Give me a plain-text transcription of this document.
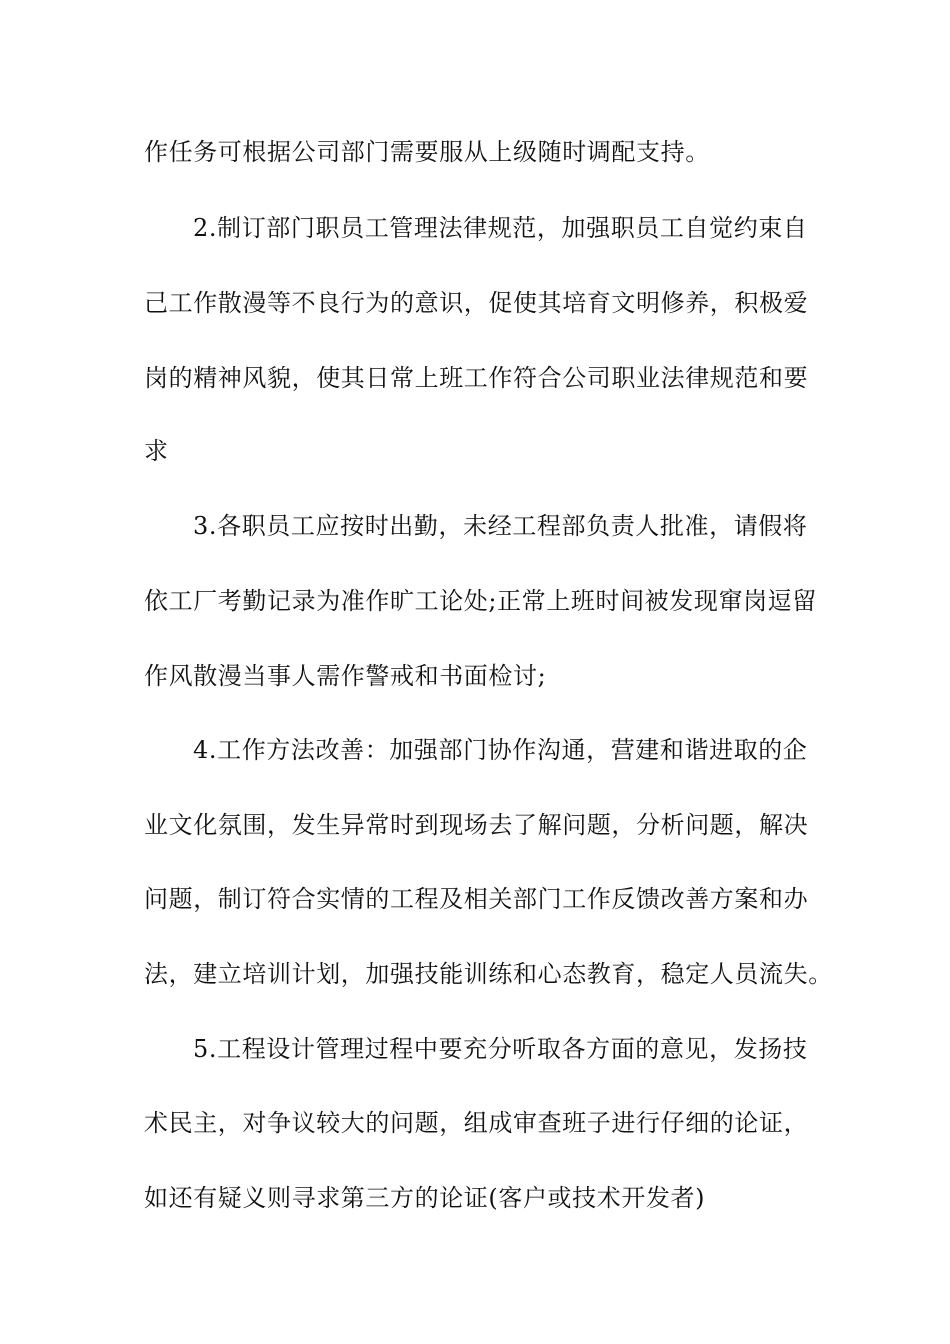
作任务可根据公司部门需要服从上级随时调配支持。
2.制订部门职员工管理法律规范，加强职员工自觉约束自
己工作散漫等不良行为的意识，促使其培育文明修养，积极爱
岗的精神风貌，使其日常上班工作符合公司职业法律规范和要
求
3.各职员工应按时出勤，未经工程部负责人批准，请假将
依工厂考勤记录为准作旷工论处;正常上班时间被发现窜岗逗留
作风散漫当事人需作警戒和书面检讨;
4.工作方法改善：加强部门协作沟通，营建和谐进取的企
业文化氛围，发生异常时到现场去了解问题，分析问题，解决
问题，制订符合实情的工程及相关部门工作反馈改善方案和办
法，建立培训计划，加强技能训练和心态教育，稳定人员流失。
5.工程设计管理过程中要充分听取各方面的意见，发扬技
术民主，对争议较大的问题，组成审查班子进行仔细的论证，
如还有疑义则寻求第三方的论证(客户或技术开发者)
